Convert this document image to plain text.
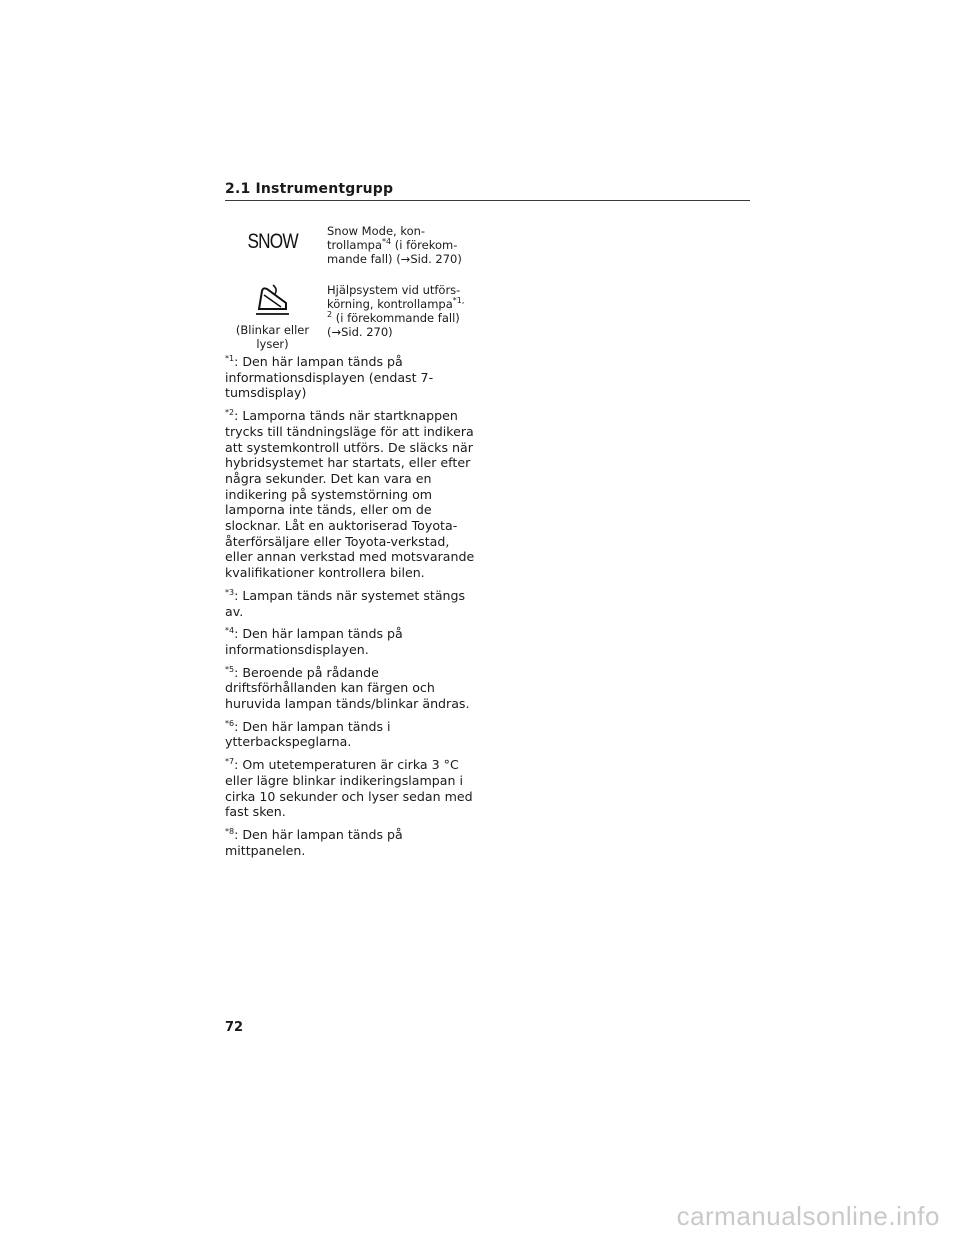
2.1 Instrumentgrupp
SNOW	Snow Mode, kon-trollampa$^{*4}$ (i förekom-mande fall) (→Sid. 270)
(Blinkar eller lyser)
Hjälpsystem vid utförs-körning, kontrollampa$^{*1, 2}$ (i förekommande fall) (→Sid. 270)

$^{*1}$: Den här lampan tänds på informationsdisplayen (endast 7-tumsdisplay)

$^{*2}$: Lamporna tänds när startknappen trycks till tändningsläge för att indikera att systemkontroll utförs. De släcks när hybridsystemet har startats, eller efter några sekunder. Det kan vara en indikering på systemstörning om lamporna inte tänds, eller om de slocknar. Låt en auktoriserad Toyota-återförsäljare eller Toyota-verkstad, eller annan verkstad med motsvarande kvalifikationer kontrollera bilen.

$^{*3}$: Lampan tänds när systemet stängs av.

$^{*4}$: Den här lampan tänds på informationsdisplayen.

$^{*5}$: Beroende på rådande driftsförhållanden kan färgen och huruvida lampan tänds/blinkar ändras.

$^{*6}$: Den här lampan tänds i ytterbackspeglarna.

$^{*7}$: Om utetemperaturen är cirka 3 °C eller lägre blinkar indikeringslampan i cirka 10 sekunder och lyser sedan med fast sken.

$^{*8}$: Den här lampan tänds på mittpanelen.

72
carmanualsonline.info
